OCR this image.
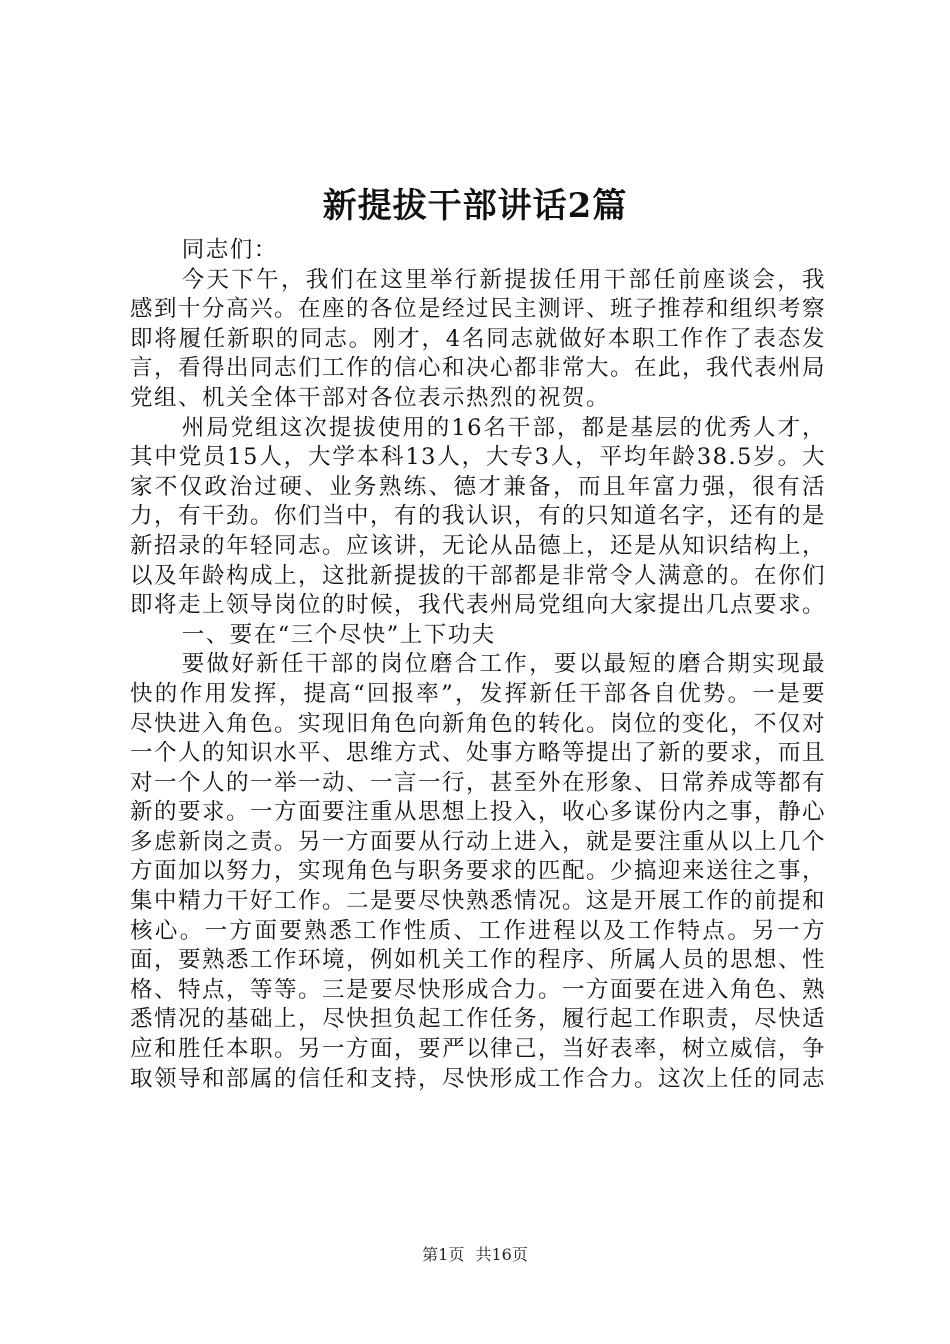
新提拔干部讲话2篇

同志们：

今天下午，我们在这里举行新提拔任用干部任前座谈会，我感到十分高兴。在座的各位是经过民主测评、班子推荐和组织考察即将履任新职的同志。刚才，4名同志就做好本职工作作了表态发言，看得出同志们工作的信心和决心都非常大。在此，我代表州局党组、机关全体干部对各位表示热烈的祝贺。

州局党组这次提拔使用的16名干部，都是基层的优秀人才，其中党员15人，大学本科13人，大专3人，平均年龄38.5岁。大家不仅政治过硬、业务熟练、德才兼备，而且年富力强，很有活力，有干劲。你们当中，有的我认识，有的只知道名字，还有的是新招录的年轻同志。应该讲，无论从品德上，还是从知识结构上，以及年龄构成上，这批新提拔的干部都是非常令人满意的。在你们即将走上领导岗位的时候，我代表州局党组向大家提出几点要求。

一、要在“三个尽快”上下功夫

要做好新任干部的岗位磨合工作，要以最短的磨合期实现最快的作用发挥，提高“回报率”，发挥新任干部各自优势。一是要尽快进入角色。实现旧角色向新角色的转化。岗位的变化，不仅对一个人的知识水平、思维方式、处事方略等提出了新的要求，而且对一个人的一举一动、一言一行，甚至外在形象、日常养成等都有新的要求。一方面要注重从思想上投入，收心多谋份内之事，静心多虑新岗之责。另一方面要从行动上进入，就是要注重从以上几个方面加以努力，实现角色与职务要求的匹配。少搞迎来送往之事，集中精力干好工作。二是要尽快熟悉情况。这是开展工作的前提和核心。一方面要熟悉工作性质、工作进程以及工作特点。另一方面，要熟悉工作环境，例如机关工作的程序、所属人员的思想、性格、特点，等等。三是要尽快形成合力。一方面要在进入角色、熟悉情况的基础上，尽快担负起工作任务，履行起工作职责，尽快适应和胜任本职。另一方面，要严以律己，当好表率，树立威信，争取领导和部属的信任和支持，尽快形成工作合力。这次上任的同志

第1页 共16页
